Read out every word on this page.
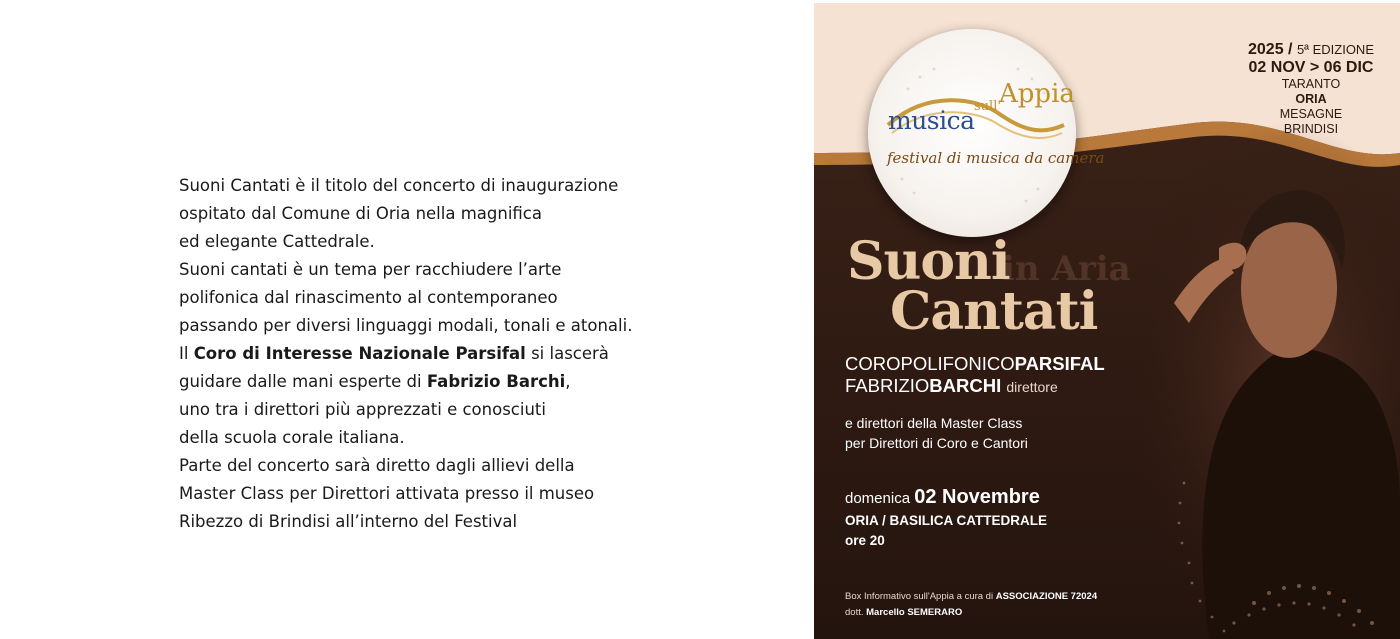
Suoni Cantati è il titolo del concerto di inaugurazione
ospitato dal Comune di Oria nella magnifica
ed elegante Cattedrale.
Suoni cantati è un tema per racchiudere l’arte
polifonica dal rinascimento al contemporaneo
passando per diversi linguaggi modali, tonali e atonali.
Il Coro di Interesse Nazionale Parsifal si lascerà
guidare dalle mani esperte di Fabrizio Barchi,
uno tra i direttori più apprezzati e conosciuti
della scuola corale italiana.
Parte del concerto sarà diretto dagli allievi della
Master Class per Direttori attivata presso il museo
Ribezzo di Brindisi all’interno del Festival
musica sull'
Appia
festival di musica da camera
2025 / 5ª EDIZIONE
02 NOV > 06 DIC
TARANTO
ORIA
MESAGNE
BRINDISI
in Aria
Suoni
Cantati
COROPOLIFONICOPARSIFAL
FABRIZIOBARCHI direttore
e direttori della Master Class
per Direttori di Coro e Cantori
domenica 02 Novembre
ORIA / BASILICA CATTEDRALE
ore 20
Box Informativo sull'Appia a cura di ASSOCIAZIONE 72024
dott. Marcello SEMERARO
